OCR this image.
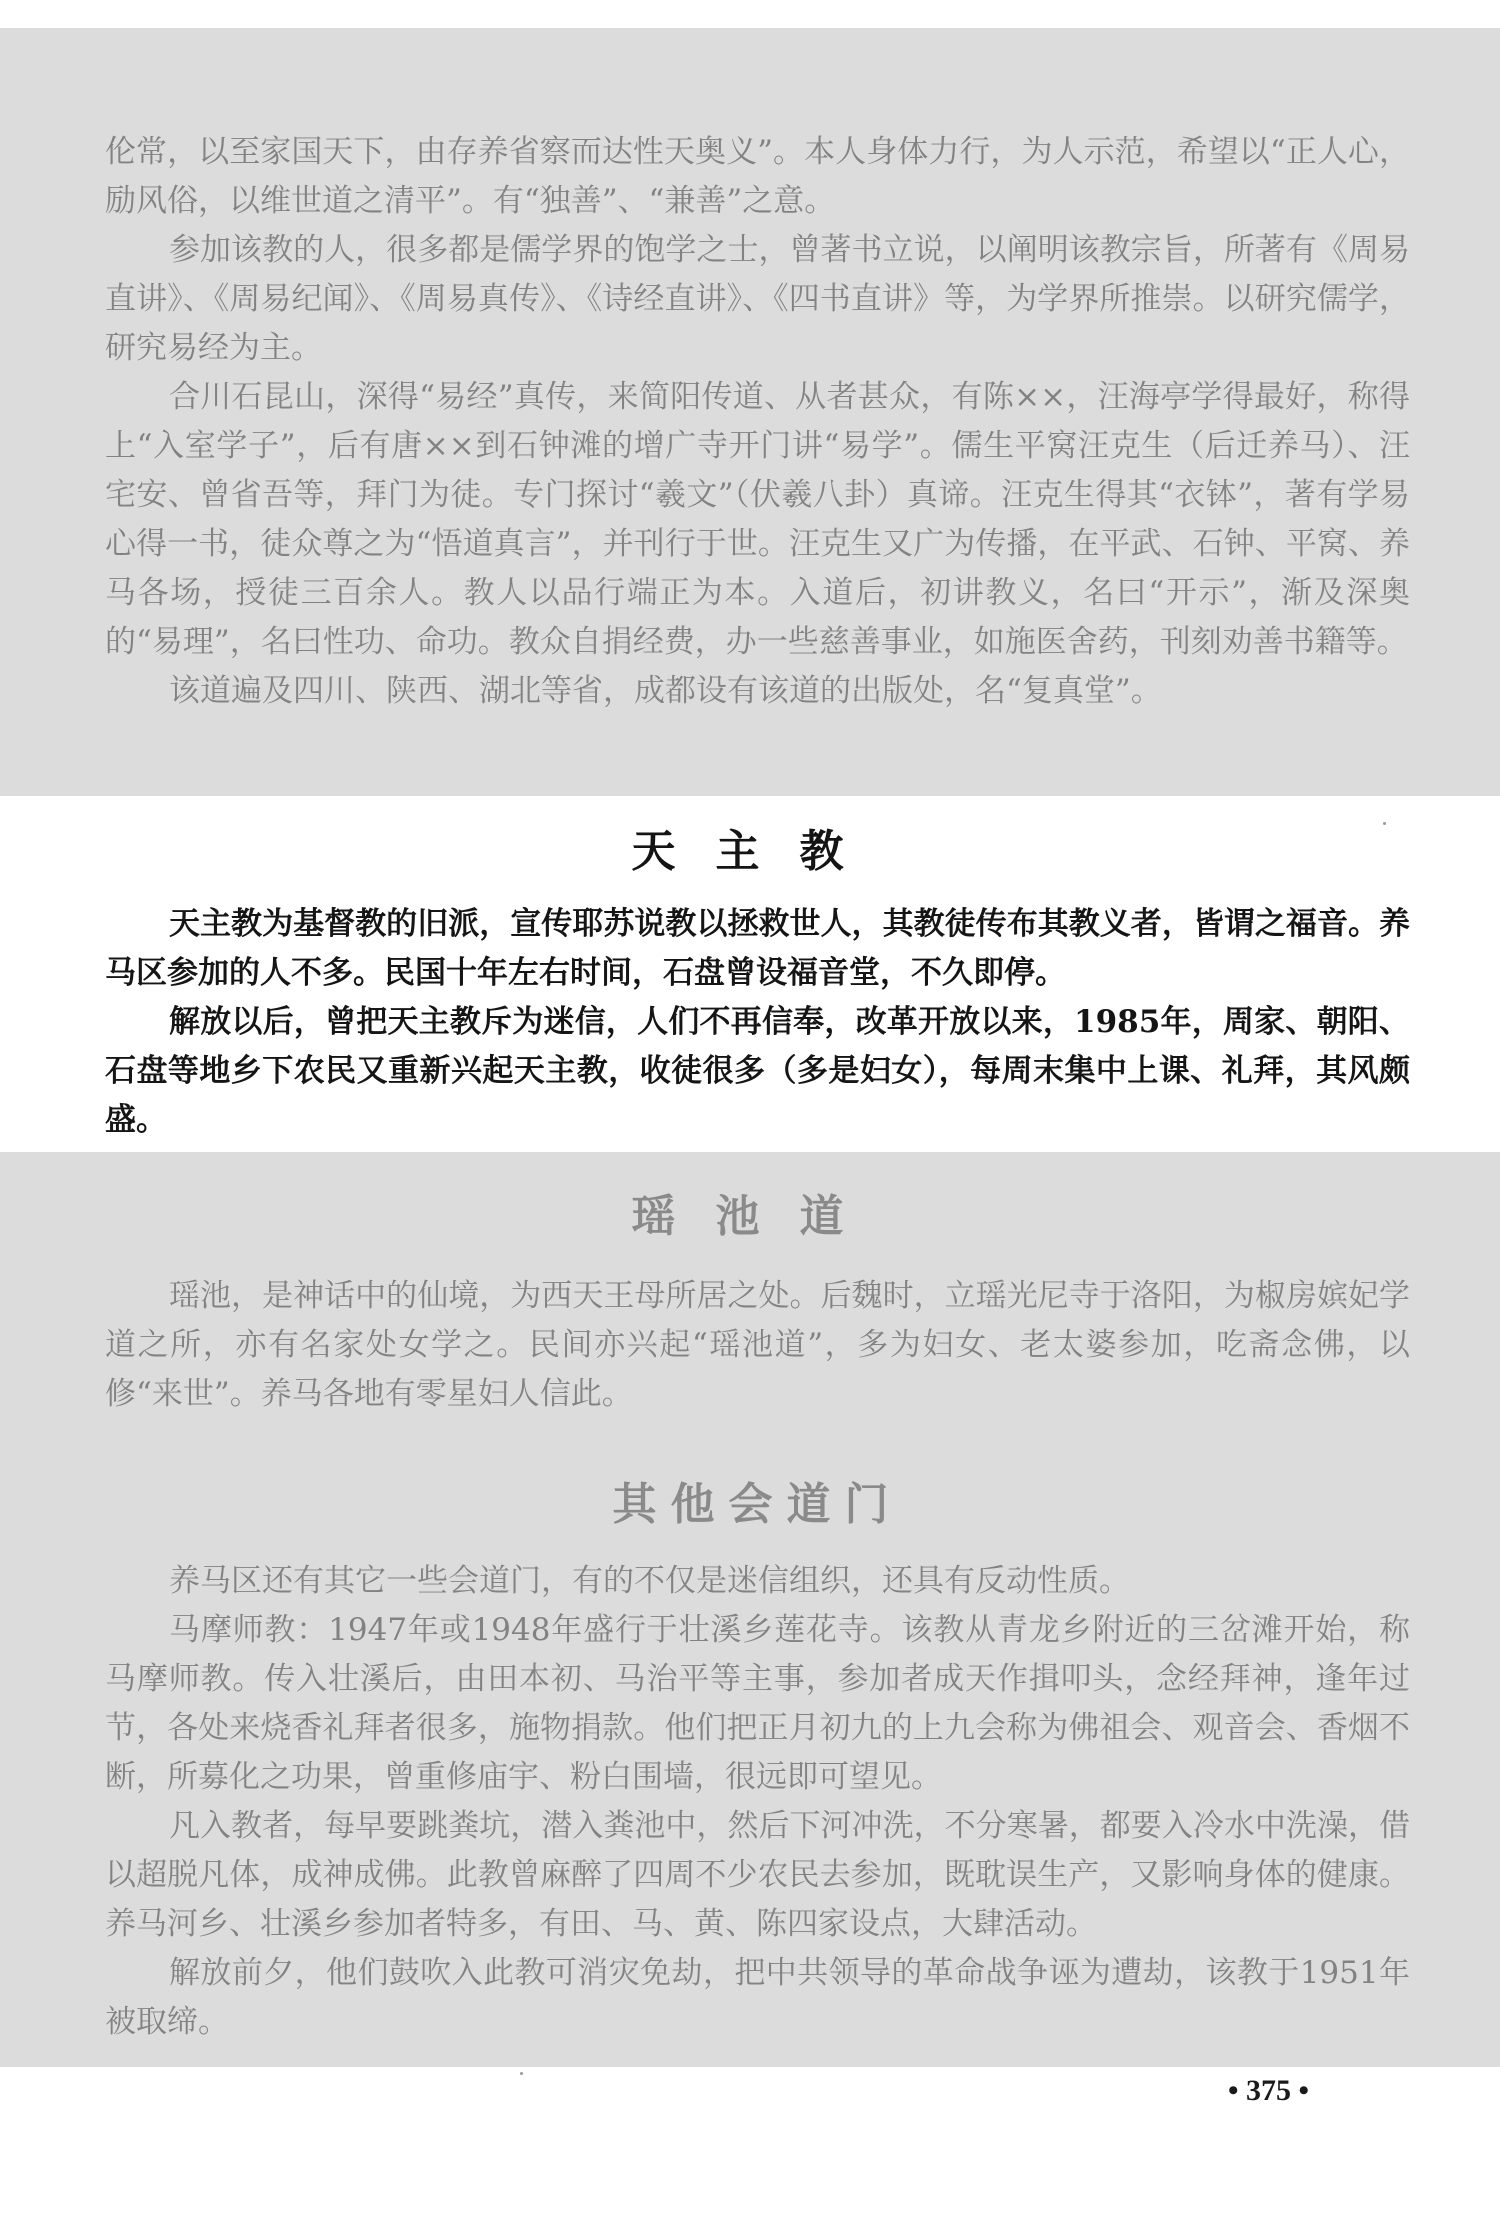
伦常，以至家国天下，由存养省察而达性天奥义”。本人身体力行，为人示范，希望以“正人心，励风俗，以维世道之清平”。有“独善”、“兼善”之意。

参加该教的人，很多都是儒学界的饱学之士，曾著书立说，以阐明该教宗旨，所著有《周易直讲》、《周易纪闻》、《周易真传》、《诗经直讲》、《四书直讲》等，为学界所推崇。以研究儒学，研究易经为主。

合川石昆山，深得“易经”真传，来简阳传道、从者甚众，有陈××，汪海亭学得最好，称得上“入室学子”，后有唐××到石钟滩的增广寺开门讲“易学”。儒生平窝汪克生（后迁养马）、汪宅安、曾省吾等，拜门为徒。专门探讨“羲文”（伏羲八卦）真谛。汪克生得其“衣钵”，著有学易心得一书，徒众尊之为“悟道真言”，并刊行于世。汪克生又广为传播，在平武、石钟、平窝、养马各场，授徒三百余人。教人以品行端正为本。入道后，初讲教义，名曰“开示”，渐及深奥的“易理”，名曰性功、命功。教众自捐经费，办一些慈善事业，如施医舍药，刊刻劝善书籍等。

该道遍及四川、陕西、湖北等省，成都设有该道的出版处，名“复真堂”。

天主教

天主教为基督教的旧派，宣传耶苏说教以拯救世人，其教徒传布其教义者，皆谓之福音。养马区参加的人不多。民国十年左右时间，石盘曾设福音堂，不久即停。

解放以后，曾把天主教斥为迷信，人们不再信奉，改革开放以来，1985年，周家、朝阳、石盘等地乡下农民又重新兴起天主教，收徒很多（多是妇女），每周末集中上课、礼拜，其风颇盛。

瑶池道

瑶池，是神话中的仙境，为西天王母所居之处。后魏时，立瑶光尼寺于洛阳，为椒房嫔妃学道之所，亦有名家处女学之。民间亦兴起“瑶池道”，多为妇女、老太婆参加，吃斋念佛，以修“来世”。养马各地有零星妇人信此。

其他会道门

养马区还有其它一些会道门，有的不仅是迷信组织，还具有反动性质。

马摩师教：1947年或1948年盛行于壮溪乡莲花寺。该教从青龙乡附近的三岔滩开始，称马摩师教。传入壮溪后，由田本初、马治平等主事，参加者成天作揖叩头，念经拜神，逢年过节，各处来烧香礼拜者很多，施物捐款。他们把正月初九的上九会称为佛祖会、观音会、香烟不断，所募化之功果，曾重修庙宇、粉白围墙，很远即可望见。

凡入教者，每早要跳粪坑，潜入粪池中，然后下河冲洗，不分寒暑，都要入冷水中洗澡，借以超脱凡体，成神成佛。此教曾麻醉了四周不少农民去参加，既耽误生产，又影响身体的健康。养马河乡、壮溪乡参加者特多，有田、马、黄、陈四家设点，大肆活动。

解放前夕，他们鼓吹入此教可消灾免劫，把中共领导的革命战争诬为遭劫，该教于1951年被取缔。

• 375 •
